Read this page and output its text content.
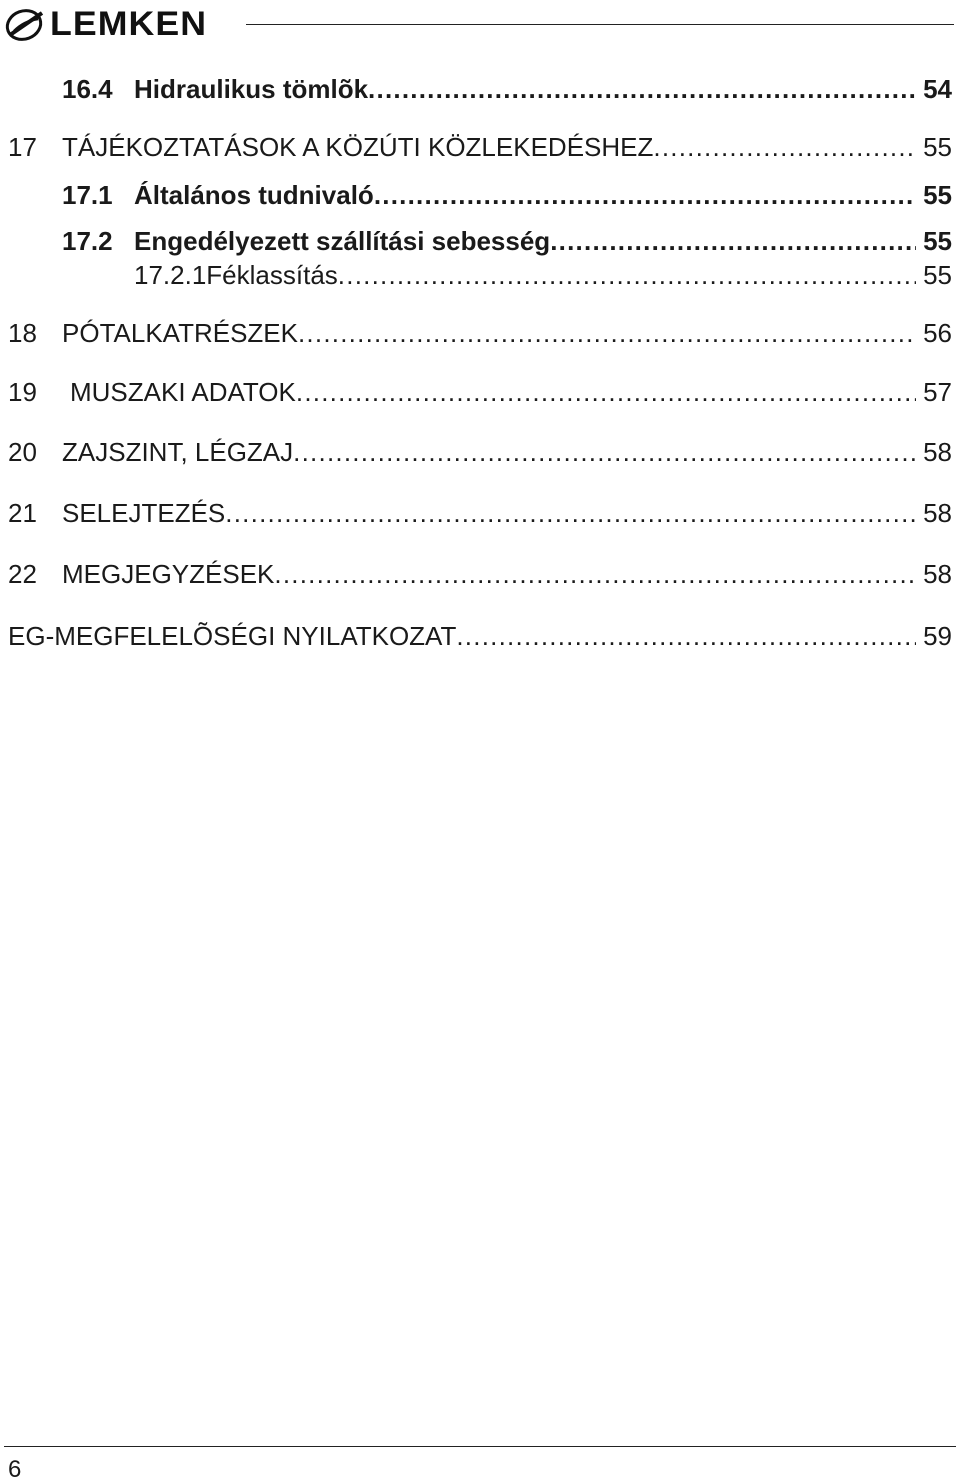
LEMKEN
16.4 Hidraulikus tömlõk . . .	54
17 TÁJÉKOZTATÁSOK A KÖZÚTI KÖZLEKEDÉSHEZ . . .	55
17.1 Általános tudnivaló . . .	55
17.2 Engedélyezett szállítási sebesség . . .	55
17.2.1 Féklassítás . . .	55
18 PÓTALKATRÉSZEK . . .	56
19 MUSZAKI ADATOK . . .	57
20 ZAJSZINT, LÉGZAJ . . .	58
21 SELEJTEZÉS . . .	58
22 MEGJEGYZÉSEK . . .	58
EG-MEGFELELÕSÉGI NYILATKOZAT . . .	59
6
